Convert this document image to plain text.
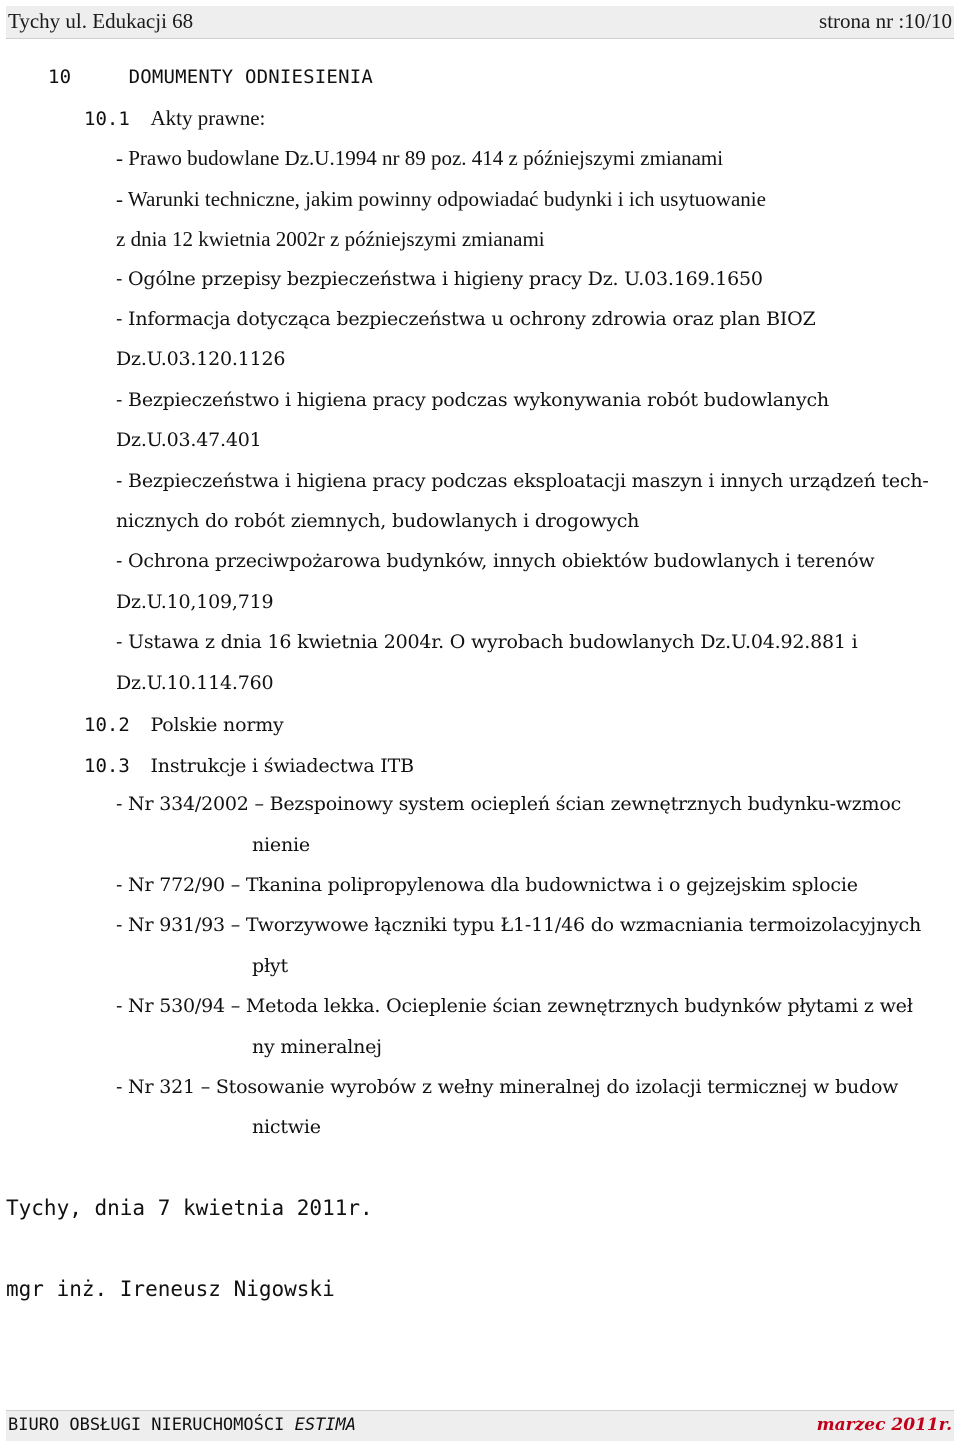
Tychy ul. Edukacji 68	strona nr :10/10
10	DOMUMENTY ODNIESIENIA
10.1 Akty prawne:
- Prawo budowlane Dz.U.1994 nr 89 poz. 414 z późniejszymi zmianami
- Warunki techniczne, jakim powinny odpowiadać budynki i ich usytuowanie
z dnia 12 kwietnia 2002r z późniejszymi zmianami
- Ogólne przepisy bezpieczeństwa i higieny pracy Dz. U.03.169.1650
- Informacja dotycząca bezpieczeństwa u ochrony zdrowia oraz plan BIOZ
Dz.U.03.120.1126
- Bezpieczeństwo i higiena pracy podczas wykonywania robót budowlanych
Dz.U.03.47.401
- Bezpieczeństwa i higiena pracy podczas eksploatacji maszyn i innych urządzeń tech-
nicznych do robót ziemnych, budowlanych i drogowych
- Ochrona przeciwpożarowa budynków, innych obiektów budowlanych i terenów
Dz.U.10,109,719
- Ustawa z dnia 16 kwietnia 2004r. O wyrobach budowlanych Dz.U.04.92.881 i
Dz.U.10.114.760
10.2 Polskie normy
10.3 Instrukcje i świadectwa ITB
- Nr 334/2002 – Bezspoinowy system ociepleń ścian zewnętrznych budynku-wzmoc
nienie
- Nr 772/90 – Tkanina polipropylenowa dla budownictwa i o gejzejskim splocie
- Nr 931/93 – Tworzywowe łączniki typu Ł1-11/46 do wzmacniania termoizolacyjnych
płyt
- Nr 530/94 – Metoda lekka. Ocieplenie ścian zewnętrznych budynków płytami z weł
ny mineralnej
- Nr 321 – Stosowanie wyrobów z wełny mineralnej do izolacji termicznej w budow
nictwie
Tychy, dnia 7 kwietnia 2011r.
mgr inż. Ireneusz Nigowski
BIURO OBSŁUGI NIERUCHOMOŚCI ESTIMA	marzec 2011r.
